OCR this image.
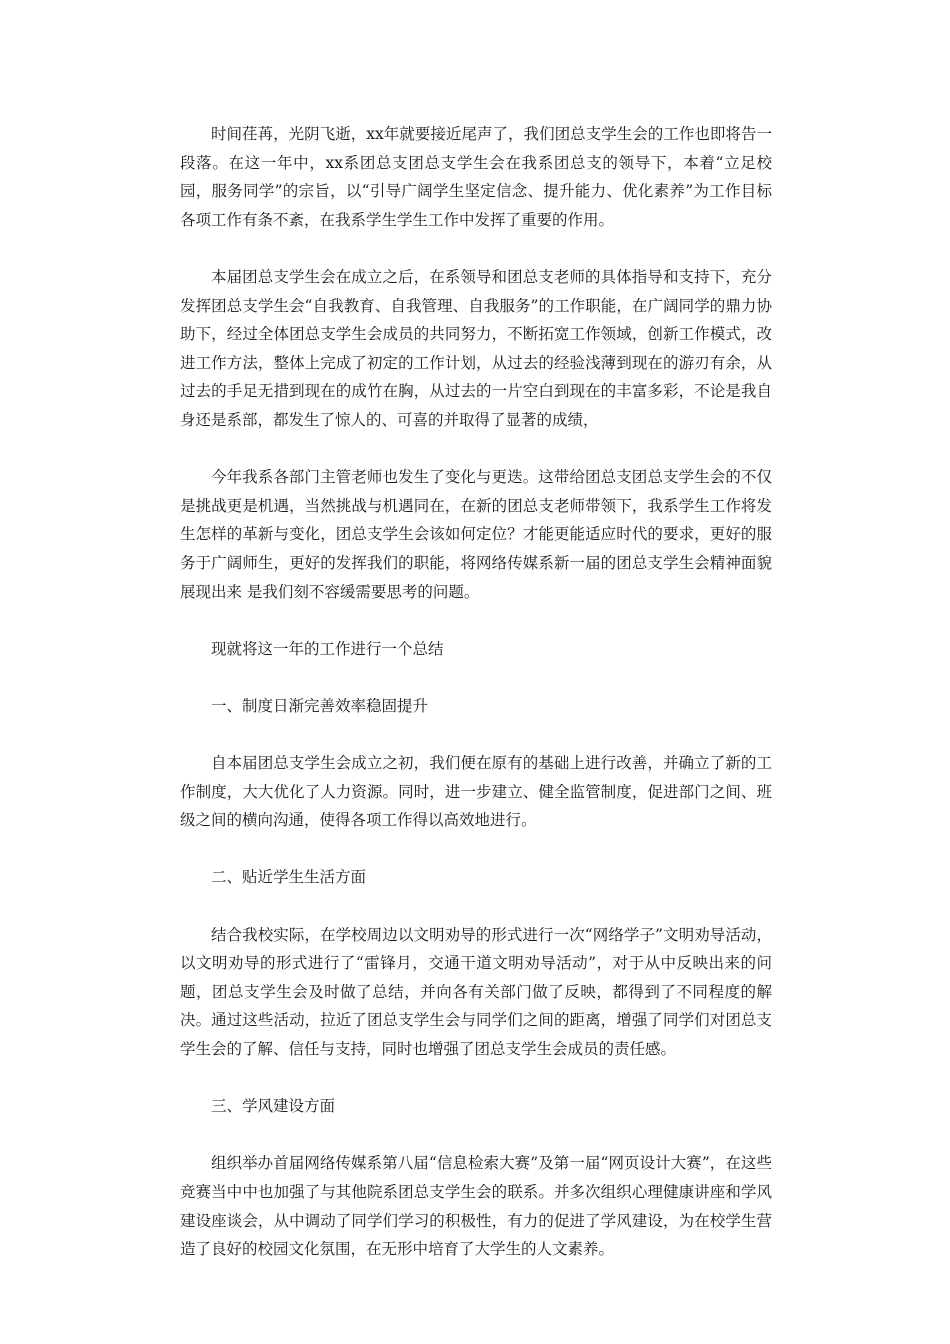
时间荏苒，光阴飞逝，xx年就要接近尾声了，我们团总支学生会的工作也即将告一段落。在这一年中，xx系团总支团总支学生会在我系团总支的领导下，本着“立足校园，服务同学”的宗旨，以“引导广阔学生坚定信念、提升能力、优化素养”为工作目标各项工作有条不紊，在我系学生学生工作中发挥了重要的作用。

本届团总支学生会在成立之后，在系领导和团总支老师的具体指导和支持下，充分发挥团总支学生会“自我教育、自我管理、自我服务”的工作职能，在广阔同学的鼎力协助下，经过全体团总支学生会成员的共同努力，不断拓宽工作领域，创新工作模式，改进工作方法，整体上完成了初定的工作计划，从过去的经验浅薄到现在的游刃有余，从过去的手足无措到现在的成竹在胸，从过去的一片空白到现在的丰富多彩，不论是我自身还是系部，都发生了惊人的、可喜的并取得了显著的成绩，

今年我系各部门主管老师也发生了变化与更迭。这带给团总支团总支学生会的不仅是挑战更是机遇，当然挑战与机遇同在，在新的团总支老师带领下，我系学生工作将发生怎样的革新与变化，团总支学生会该如何定位？才能更能适应时代的要求，更好的服务于广阔师生，更好的发挥我们的职能，将网络传媒系新一届的团总支学生会精神面貌展现出来 是我们刻不容缓需要思考的问题。

现就将这一年的工作进行一个总结

一、制度日渐完善效率稳固提升

自本届团总支学生会成立之初，我们便在原有的基础上进行改善，并确立了新的工作制度，大大优化了人力资源。同时，进一步建立、健全监管制度，促进部门之间、班级之间的横向沟通，使得各项工作得以高效地进行。

二、贴近学生生活方面

结合我校实际，在学校周边以文明劝导的形式进行一次“网络学子”文明劝导活动，以文明劝导的形式进行了“雷锋月，交通干道文明劝导活动”，对于从中反映出来的问题，团总支学生会及时做了总结，并向各有关部门做了反映，都得到了不同程度的解决。通过这些活动，拉近了团总支学生会与同学们之间的距离，增强了同学们对团总支学生会的了解、信任与支持，同时也增强了团总支学生会成员的责任感。

三、学风建设方面

组织举办首届网络传媒系第八届“信息检索大赛”及第一届“网页设计大赛”，在这些竞赛当中中也加强了与其他院系团总支学生会的联系。并多次组织心理健康讲座和学风建设座谈会，从中调动了同学们学习的积极性，有力的促进了学风建设，为在校学生营造了良好的校园文化氛围，在无形中培育了大学生的人文素养。
